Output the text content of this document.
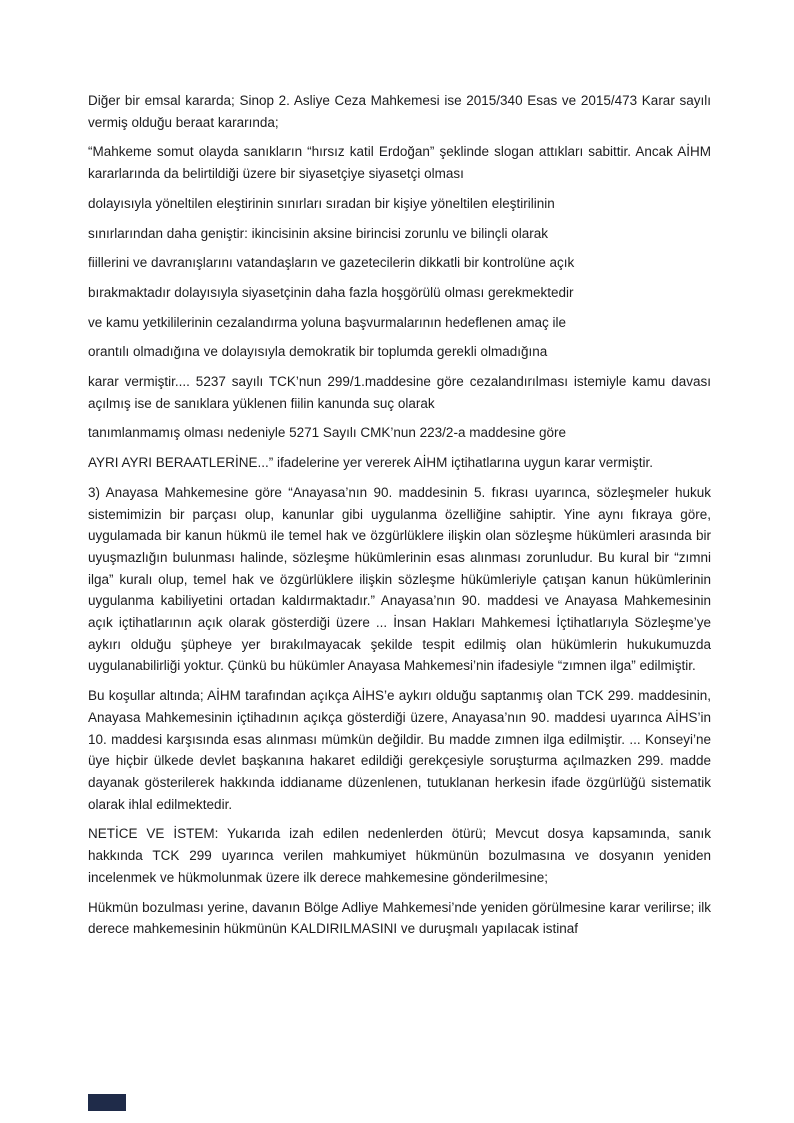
Diğer bir emsal kararda; Sinop 2. Asliye Ceza Mahkemesi ise 2015/340 Esas ve 2015/473 Karar sayılı vermiş olduğu beraat kararında;

“Mahkeme somut olayda sanıkların “hırsız katil Erdoğan” şeklinde slogan attıkları sabittir. Ancak AİHM kararlarında da belirtildiği üzere bir siyasetçiye siyasetçi olması

dolayısıyla yöneltilen eleştirinin sınırları sıradan bir kişiye yöneltilen eleştirilinin

sınırlarından daha geniştir: ikincisinin aksine birincisi zorunlu ve bilinçli olarak

fiillerini ve davranışlarını vatandaşların ve gazetecilerin dikkatli bir kontrolüne açık

bırakmaktadır dolayısıyla siyasetçinin daha fazla hoşgörülü olması gerekmektedir

ve kamu yetkililerinin cezalandırma yoluna başvurmalarının hedeflenen amaç ile

orantılı olmadığına ve dolayısıyla demokratik bir toplumda gerekli olmadığına

karar vermiştir.... 5237 sayılı TCK’nun 299/1.maddesine göre cezalandırılması istemiyle kamu davası açılmış ise de sanıklara yüklenen fiilin kanunda suç olarak

tanımlanmamış olması nedeniyle 5271 Sayılı CMK’nun 223/2-a maddesine göre

AYRI AYRI BERAATLERİNE...” ifadelerine yer vererek AİHM içtihatlarına uygun karar vermiştir.

3) Anayasa Mahkemesine göre “Anayasa’nın 90. maddesinin 5. fıkrası uyarınca, sözleşmeler hukuk sistemimizin bir parçası olup, kanunlar gibi uygulanma özelliğine sahiptir. Yine aynı fıkraya göre, uygulamada bir kanun hükmü ile temel hak ve özgürlüklere ilişkin olan sözleşme hükümleri arasında bir uyuşmazlığın bulunması halinde, sözleşme hükümlerinin esas alınması zorunludur. Bu kural bir “zımni ilga” kuralı olup, temel hak ve özgürlüklere ilişkin sözleşme hükümleriyle çatışan kanun hükümlerinin uygulanma kabiliyetini ortadan kaldırmaktadır.” Anayasa’nın 90. maddesi ve Anayasa Mahkemesinin açık içtihatlarının açık olarak gösterdiği üzere ... İnsan Hakları Mahkemesi İçtihatlarıyla Sözleşme’ye aykırı olduğu şüpheye yer bırakılmayacak şekilde tespit edilmiş olan hükümlerin hukukumuzda uygulanabilirliği yoktur. Çünkü bu hükümler Anayasa Mahkemesi’nin ifadesiyle “zımnen ilga” edilmiştir.

Bu koşullar altında; AİHM tarafından açıkça AİHS’e aykırı olduğu saptanmış olan TCK 299. maddesinin, Anayasa Mahkemesinin içtihadının açıkça gösterdiği üzere, Anayasa’nın 90. maddesi uyarınca AİHS’in 10. maddesi karşısında esas alınması mümkün değildir. Bu madde zımnen ilga edilmiştir. ... Konseyi’ne üye hiçbir ülkede devlet başkanına hakaret edildiği gerekçesiyle soruşturma açılmazken 299. madde dayanak gösterilerek hakkında iddianame düzenlenen, tutuklanan herkesin ifade özgürlüğü sistematik olarak ihlal edilmektedir.

NETİCE VE İSTEM: Yukarıda izah edilen nedenlerden ötürü; Mevcut dosya kapsamında, sanık hakkında TCK 299 uyarınca verilen mahkumiyet hükmünün bozulmasına ve dosyanın yeniden incelenmek ve hükmolunmak üzere ilk derece mahkemesine gönderilmesine;

Hükmün bozulması yerine, davanın Bölge Adliye Mahkemesi’nde yeniden görülmesine karar verilirse; ilk derece mahkemesinin hükmünün KALDIRILMASINI ve duruşmalı yapılacak istinaf
